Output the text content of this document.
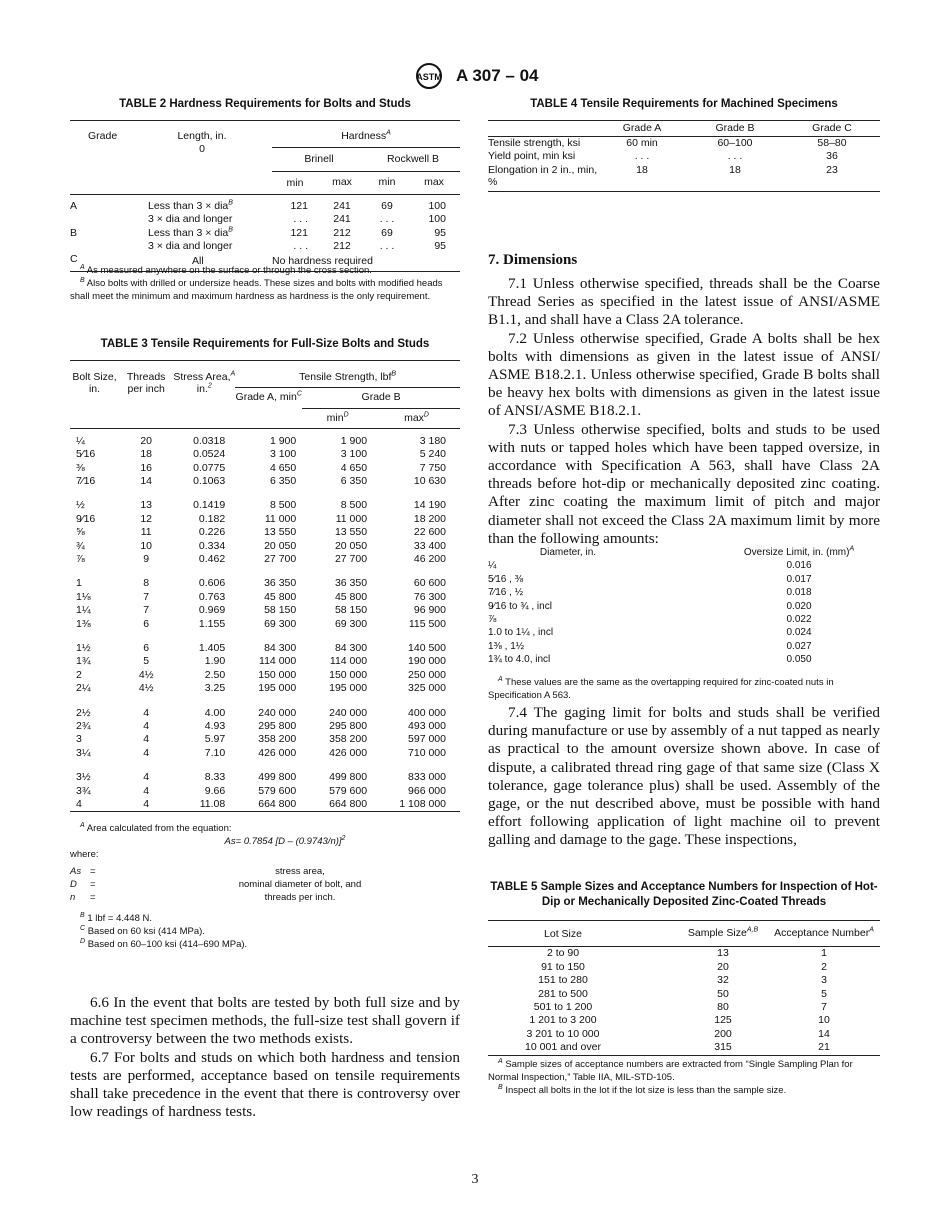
ASTM A 307 – 04
TABLE 2 Hardness Requirements for Bolts and Studs
Grade	Length, in.
0	Hardness$^A$
		Brinell		Rockwell B	
		min	max	min	max

A	Less than 3 × dia$^B$	121	241	69	100
	3 × dia and longer	. . .	241	. . .	100
B	Less than 3 × dia$^B$	121	212	69	95
	3 × dia and longer	. . .	212	. . .	95
C	All	No hardness required			
$^A$ As measured anywhere on the surface or through the cross section.
$^B$ Also bolts with drilled or undersize heads. These sizes and bolts with modified heads shall meet the minimum and maximum hardness as hardness is the only requirement.
TABLE 3 Tensile Requirements for Full-Size Bolts and Studs
Bolt Size, in.	Threads per inch	Stress Area,$^A$
in.$^2$	Tensile Strength, lbf$^B$
			Grade A, $\min^C$	Grade B	
				$\min^D$	$\max^D$

¼	20	0.0318	1 900	1 900	3 180
5⁄16	18	0.0524	3 100	3 100	5 240
⅜	16	0.0775	4 650	4 650	7 750
7⁄16	14	0.1063	6 350	6 350	10 630

½	13	0.1419	8 500	8 500	14 190
9⁄16	12	0.182	11 000	11 000	18 200
⅝	11	0.226	13 550	13 550	22 600
¾	10	0.334	20 050	20 050	33 400
⅞	9	0.462	27 700	27 700	46 200

1	8	0.606	36 350	36 350	60 600
1⅛	7	0.763	45 800	45 800	76 300
1¼	7	0.969	58 150	58 150	96 900
1⅜	6	1.155	69 300	69 300	115 500

1½	6	1.405	84 300	84 300	140 500
1¾	5	1.90	114 000	114 000	190 000
2	4½	2.50	150 000	150 000	250 000
2¼	4½	3.25	195 000	195 000	325 000

2½	4	4.00	240 000	240 000	400 000
2¾	4	4.93	295 800	295 800	493 000
3	4	5.97	358 200	358 200	597 000
3¼	4	7.10	426 000	426 000	710 000

3½	4	8.33	499 800	499 800	833 000
3¾	4	9.66	579 600	579 600	966 000
4	4	11.08	664 800	664 800	1 108 000
$^A$ Area calculated from the equation:
As= 0.7854 [D – (0.9743/n)]$^2$
where:
As =	stress area,
D =	nominal diameter of bolt, and
n =	threads per inch.
$^B$ 1 lbf = 4.448 N.
$^C$ Based on 60 ksi (414 MPa).
$^D$ Based on 60–100 ksi (414–690 MPa).

6.6 In the event that bolts are tested by both full size and by machine test specimen methods, the full-size test shall govern if a controversy between the two methods exists.

6.7 For bolts and studs on which both hardness and tension tests are performed, acceptance based on tensile requirements shall take precedence in the event that there is controversy over low readings of hardness tests.

TABLE 4 Tensile Requirements for Machined Specimens
	Grade A	Grade B	Grade C
Tensile strength, ksi	60 min	60–100	58–80
Yield point, min ksi	. . .	. . .	36
Elongation in 2 in., min, %	18	18	23
7. Dimensions

7.1 Unless otherwise specified, threads shall be the Coarse Thread Series as specified in the latest issue of ANSI/ASME B1.1, and shall have a Class 2A tolerance.

7.2 Unless otherwise specified, Grade A bolts shall be hex bolts with dimensions as given in the latest issue of ANSI/ ASME B18.2.1. Unless otherwise specified, Grade B bolts shall be heavy hex bolts with dimensions as given in the latest issue of ANSI/ASME B18.2.1.

7.3 Unless otherwise specified, bolts and studs to be used with nuts or tapped holes which have been tapped oversize, in accordance with Specification A 563, shall have Class 2A threads before hot-dip or mechanically deposited zinc coating. After zinc coating the maximum limit of pitch and major diameter shall not exceed the Class 2A maximum limit by more than the following amounts:

Diameter, in.	Oversize Limit, in. (mm)$^A$
¼	0.016
5⁄16 , ⅜	0.017
7⁄16 , ½	0.018
9⁄16 to ¾ , incl	0.020
⅞	0.022
1.0 to 1¼ , incl	0.024
1⅜ , 1½	0.027
1¾ to 4.0, incl	0.050
$^A$ These values are the same as the overtapping required for zinc-coated nuts in Specification A 563.

7.4 The gaging limit for bolts and studs shall be verified during manufacture or use by assembly of a nut tapped as nearly as practical to the amount oversize shown above. In case of dispute, a calibrated thread ring gage of that same size (Class X tolerance, gage tolerance plus) shall be used. Assembly of the gage, or the nut described above, must be possible with hand effort following application of light machine oil to prevent galling and damage to the gage. These inspections,

TABLE 5 Sample Sizes and Acceptance Numbers for Inspection of Hot-Dip or Mechanically Deposited Zinc-Coated Threads
Lot Size	Sample Size$^{A,B}$	Acceptance Number$^A$
2 to 90	13	1
91 to 150	20	2
151 to 280	32	3
281 to 500	50	5
501 to 1 200	80	7
1 201 to 3 200	125	10
3 201 to 10 000	200	14
10 001 and over	315	21
$^A$ Sample sizes of acceptance numbers are extracted from “Single Sampling Plan for Normal Inspection,” Table IIA, MIL-STD-105.
$^B$ Inspect all bolts in the lot if the lot size is less than the sample size.
3
